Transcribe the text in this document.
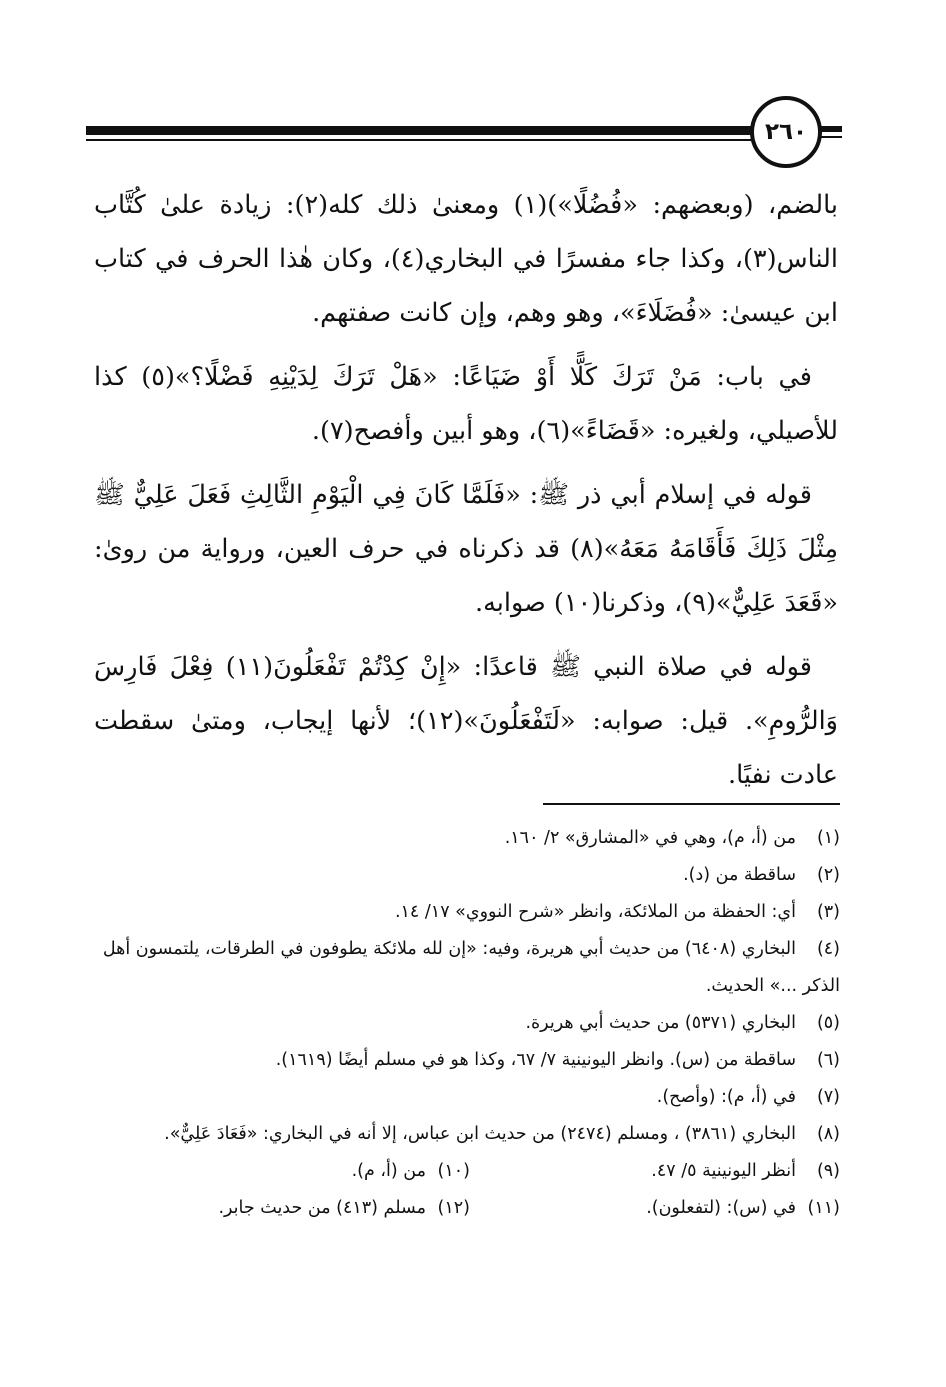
٢٦٠

بالضم، (وبعضهم: «فُضُلًا»)(١) ومعنىٰ ذلك كله(٢): زيادة علىٰ كُتَّاب الناس(٣)، وكذا جاء مفسرًا في البخاري(٤)، وكان هٰذا الحرف في كتاب ابن عيسىٰ: «فُضَلَاءَ»، وهو وهم، وإن كانت صفتهم.

في باب: مَنْ تَرَكَ كَلًّا أَوْ ضَيَاعًا: «هَلْ تَرَكَ لِدَيْنِهِ فَضْلًا؟»(٥) كذا للأصيلي، ولغيره: «قَضَاءً»(٦)، وهو أبين وأفصح(٧).

قوله في إسلام أبي ذر ﷺ: «فَلَمَّا كَانَ فِي الْيَوْمِ الثَّالِثِ فَعَلَ عَلِيٌّ ﷺ مِثْلَ ذَلِكَ فَأَقَامَهُ مَعَهُ»(٨) قد ذكرناه في حرف العين، ورواية من روىٰ: «قَعَدَ عَلِيٌّ»(٩)، وذكرنا(١٠) صوابه.

قوله في صلاة النبي ﷺ قاعدًا: «إِنْ كِدْتُمْ تَفْعَلُونَ(١١) فِعْلَ فَارِسَ وَالرُّومِ». قيل: صوابه: «لَتَفْعَلُونَ»(١٢)؛ لأنها إيجاب، ومتىٰ سقطت عادت نفيًا.

(١)من (أ، م)، وهي في «المشارق» ٢/ ١٦٠.

(٢)ساقطة من (د).

(٣)أي: الحفظة من الملائكة، وانظر «شرح النووي» ١٧/ ١٤.

(٤)البخاري (٦٤٠٨) من حديث أبي هريرة، وفيه: «إن لله ملائكة يطوفون في الطرقات، يلتمسون أهل الذكر ...» الحديث.

(٥)البخاري (٥٣٧١) من حديث أبي هريرة.

(٦)ساقطة من (س). وانظر اليونينية ٧/ ٦٧، وكذا هو في مسلم أيضًا (١٦١٩).

(٧)في (أ، م): (وأصح).

(٨)البخاري (٣٨٦١) ، ومسلم (٢٤٧٤) من حديث ابن عباس، إلا أنه في البخاري: «فَعَادَ عَلِيٌّ».

(٩)أنظر اليونينية ٥/ ٤٧.

(١٠)من (أ، م).

(١١)في (س): (لتفعلون).

(١٢)مسلم (٤١٣) من حديث جابر.
